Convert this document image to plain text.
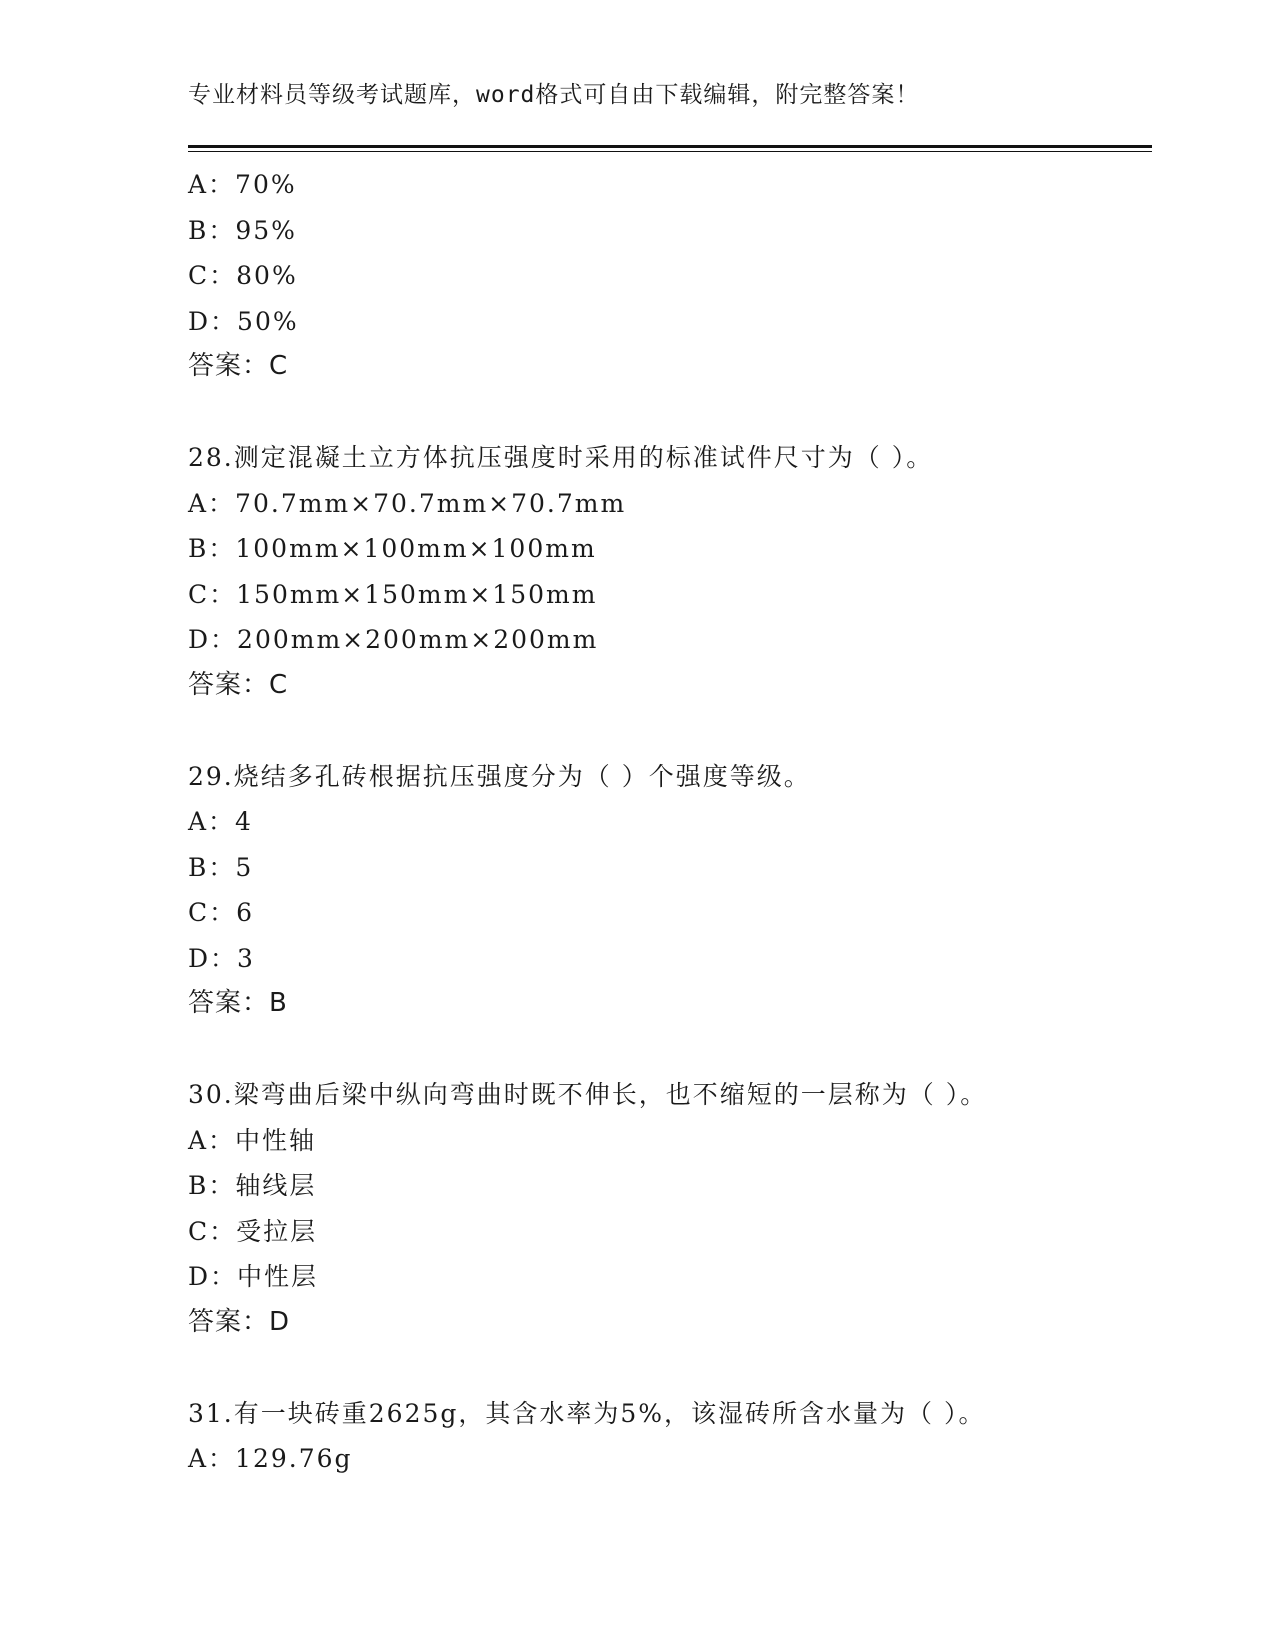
专业材料员等级考试题库，word格式可自由下载编辑，附完整答案！
A：70%
B：95%
C：80%
D：50%
答案：C
28.测定混凝土立方体抗压强度时采用的标准试件尺寸为（ ）。
A：70.7mm×70.7mm×70.7mm
B：100mm×100mm×100mm
C：150mm×150mm×150mm
D：200mm×200mm×200mm
答案：C
29.烧结多孔砖根据抗压强度分为（ ）个强度等级。
A：4
B：5
C：6
D：3
答案：B
30.梁弯曲后梁中纵向弯曲时既不伸长，也不缩短的一层称为（ ）。
A：中性轴
B：轴线层
C：受拉层
D：中性层
答案：D
31.有一块砖重2625g，其含水率为5%，该湿砖所含水量为（ ）。
A：129.76g
